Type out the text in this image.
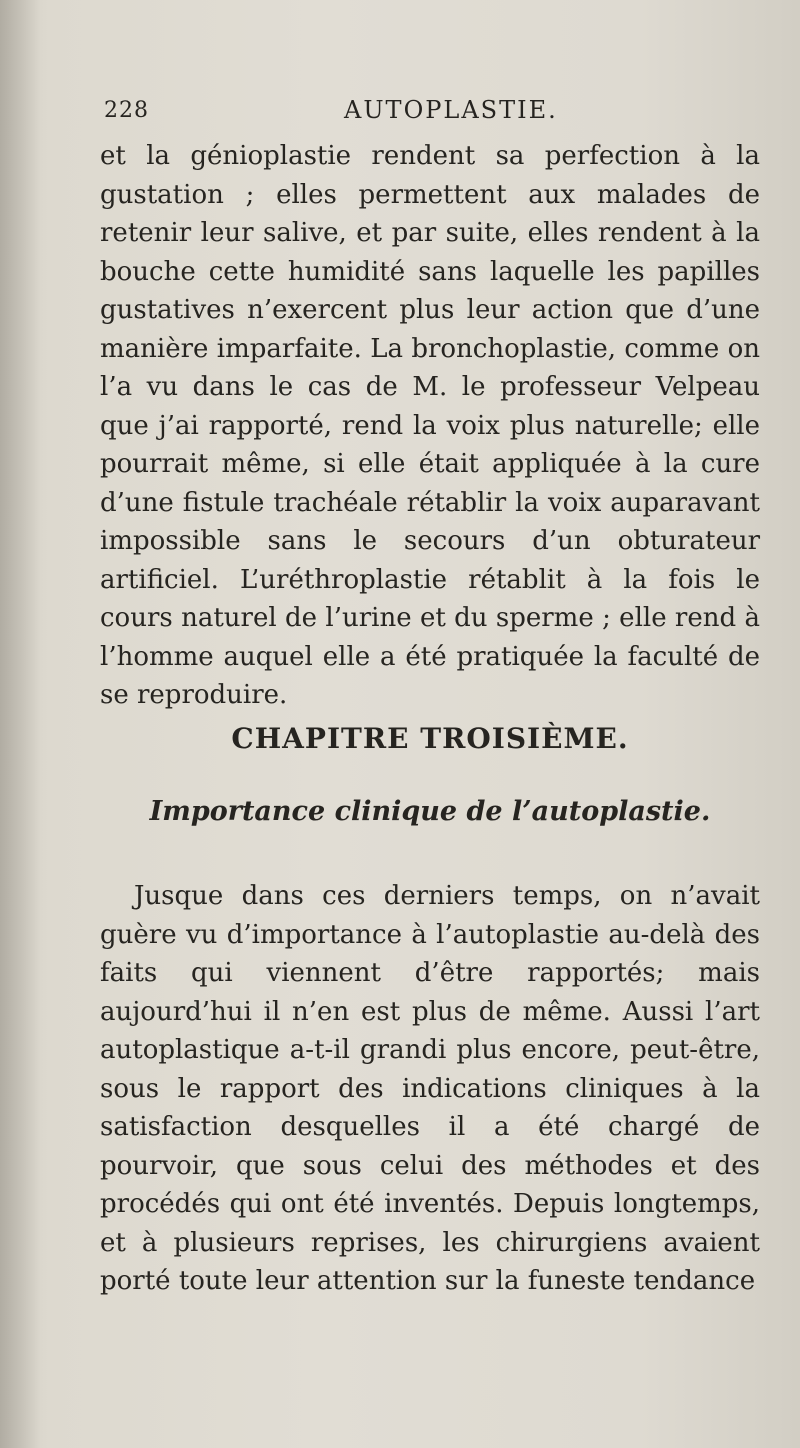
228	AUTOPLASTIE.

et la génioplastie rendent sa perfection à la gustation ; elles permettent aux malades de retenir leur salive, et par suite, elles rendent à la bouche cette humidité sans laquelle les papilles gustatives n’exercent plus leur action que d’une manière imparfaite. La bronchoplastie, comme on l’a vu dans le cas de M. le professeur Velpeau que j’ai rapporté, rend la voix plus naturelle; elle pourrait même, si elle était appliquée à la cure d’une fistule trachéale rétablir la voix auparavant impossible sans le secours d’un obturateur artificiel. L’uréthroplastie rétablit à la fois le cours naturel de l’urine et du sperme ; elle rend à l’homme auquel elle a été pratiquée la faculté de se reproduire.

CHAPITRE TROISIÈME.
Importance clinique de l’autoplastie.

Jusque dans ces derniers temps, on n’avait guère vu d’importance à l’autoplastie au-delà des faits qui viennent d’être rapportés; mais aujourd’hui il n’en est plus de même. Aussi l’art autoplastique a-t-il grandi plus encore, peut-être, sous le rapport des indications cliniques à la satisfaction desquelles il a été chargé de pourvoir, que sous celui des méthodes et des procédés qui ont été inventés. Depuis longtemps, et à plusieurs reprises, les chirurgiens avaient porté toute leur attention sur la funeste tendance
